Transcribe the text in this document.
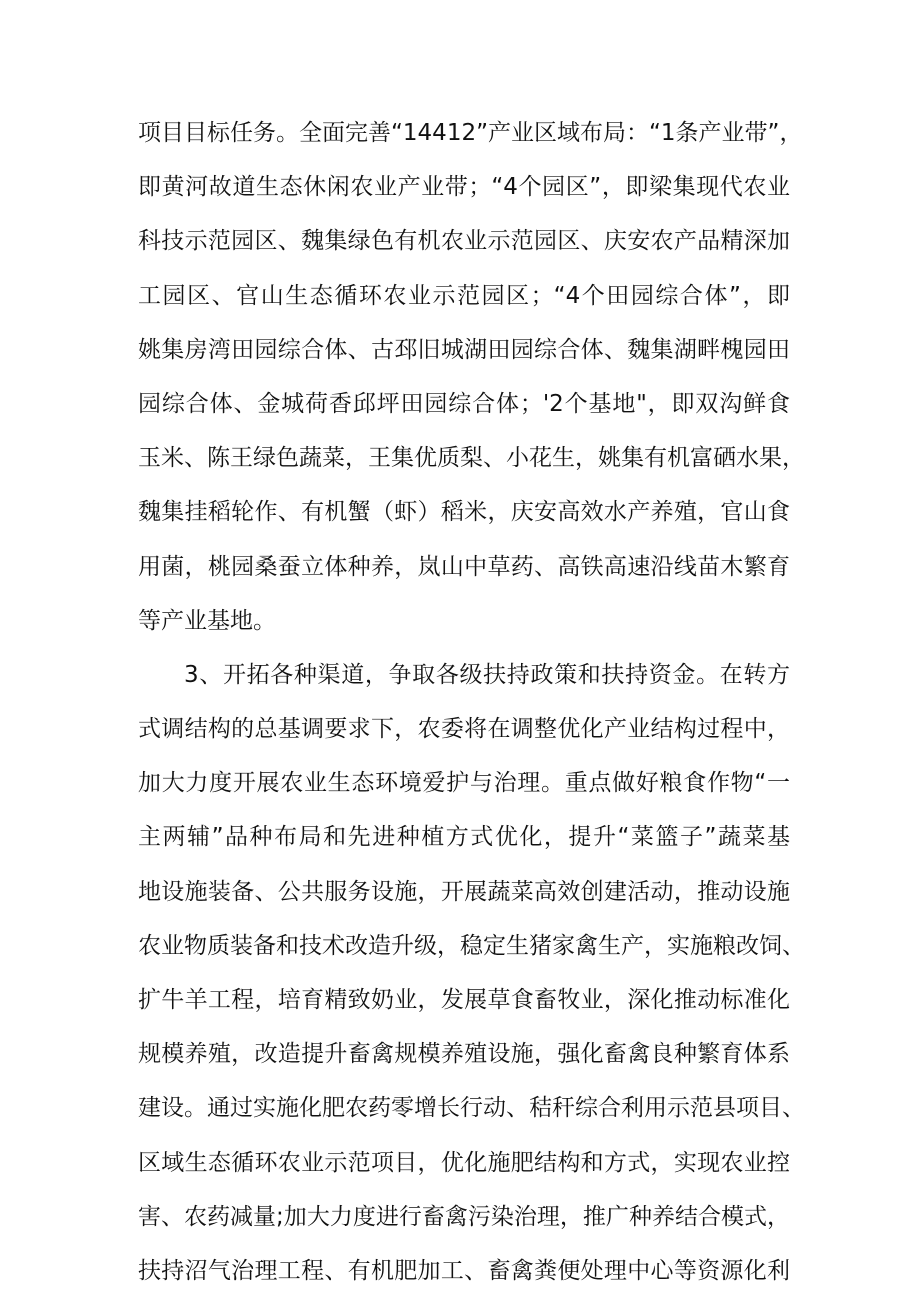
项目目标任务。全面完善“14412”产业区域布局：“1条产业带”，
即黄河故道生态休闲农业产业带；“4个园区”，即梁集现代农业
科技示范园区、魏集绿色有机农业示范园区、庆安农产品精深加
工园区、官山生态循环农业示范园区；“4个田园综合体”，即
姚集房湾田园综合体、古邳旧城湖田园综合体、魏集湖畔槐园田
园综合体、金城荷香邱坪田园综合体；'2个基地"，即双沟鲜食
玉米、陈王绿色蔬菜，王集优质梨、小花生，姚集有机富硒水果，
魏集挂稻轮作、有机蟹（虾）稻米，庆安高效水产养殖，官山食
用菌，桃园桑蚕立体种养，岚山中草药、高铁高速沿线苗木繁育
等产业基地。
3、开拓各种渠道，争取各级扶持政策和扶持资金。在转方
式调结构的总基调要求下，农委将在调整优化产业结构过程中，
加大力度开展农业生态环境爱护与治理。重点做好粮食作物“一
主两辅”品种布局和先进种植方式优化，提升“菜篮子”蔬菜基
地设施装备、公共服务设施，开展蔬菜高效创建活动，推动设施
农业物质装备和技术改造升级，稳定生猪家禽生产，实施粮改饲、
扩牛羊工程，培育精致奶业，发展草食畜牧业，深化推动标准化
规模养殖，改造提升畜禽规模养殖设施，强化畜禽良种繁育体系
建设。通过实施化肥农药零增长行动、秸秆综合利用示范县项目、
区域生态循环农业示范项目，优化施肥结构和方式，实现农业控
害、农药减量;加大力度进行畜禽污染治理，推广种养结合模式，
扶持沼气治理工程、有机肥加工、畜禽粪便处理中心等资源化利
